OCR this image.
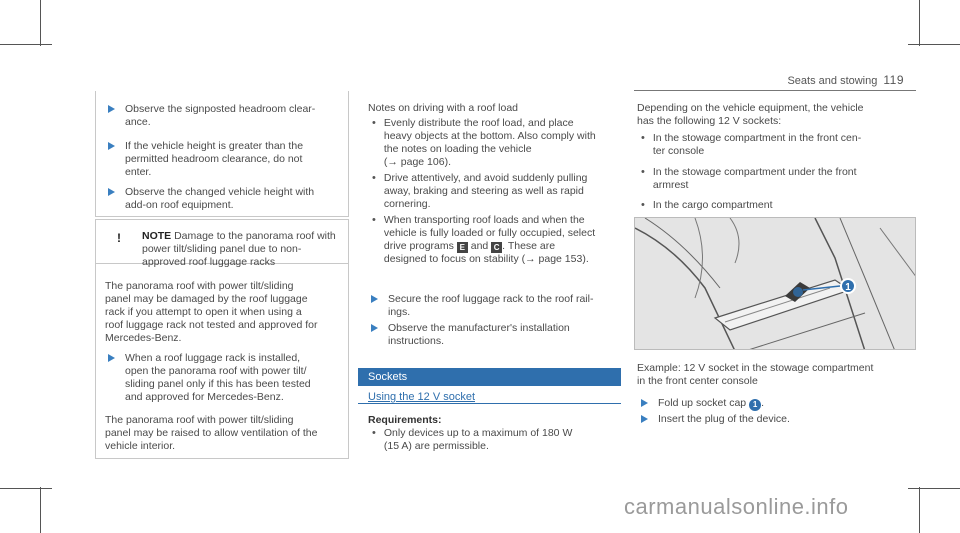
Seats and stowing 119
Observe the signposted headroom clear-
ance.
If the vehicle height is greater than the
permitted headroom clearance, do not
enter.
Observe the changed vehicle height with
add-on roof equipment.
!	NOTE Damage to the panorama roof with
power tilt/sliding panel due to non-
approved roof luggage racks
The panorama roof with power tilt/sliding
panel may be damaged by the roof luggage
rack if you attempt to open it when using a
roof luggage rack not tested and approved for
Mercedes-Benz.
When a roof luggage rack is installed,
open the panorama roof with power tilt/
sliding panel only if this has been tested
and approved for Mercedes-Benz.
The panorama roof with power tilt/sliding
panel may be raised to allow ventilation of the
vehicle interior.
Notes on driving with a roof load
• Evenly distribute the roof load, and place
heavy objects at the bottom. Also comply with
the notes on loading the vehicle
(→ page 106).
• Drive attentively, and avoid suddenly pulling
away, braking and steering as well as rapid
cornering.
• When transporting roof loads and when the
vehicle is fully loaded or fully occupied, select
drive programs E and C . These are
designed to focus on stability (→ page 153).
Secure the roof luggage rack to the roof rail-
ings.
Observe the manufacturer's installation
instructions.
Sockets
Using the 12 V socket
Requirements:
• Only devices up to a maximum of 180 W
(15 A) are permissible.
Depending on the vehicle equipment, the vehicle
has the following 12 V sockets:
• In the stowage compartment in the front cen-
ter console
• In the stowage compartment under the front
armrest
• In the cargo compartment
1
Example: 12 V socket in the stowage compartment
in the front center console
Fold up socket cap 1 .
Insert the plug of the device.
carmanualsonline.info
